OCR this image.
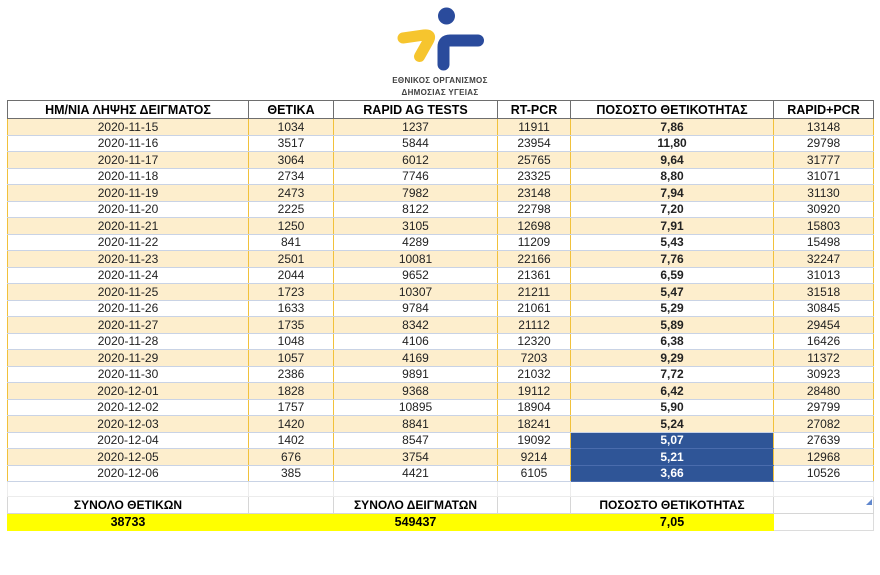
ΕΘΝΙΚΟΣ ΟΡΓΑΝΙΣΜΟΣ
ΔΗΜΟΣΙΑΣ ΥΓΕΙΑΣ
ΗΜ/ΝΙΑ ΛΗΨΗΣ ΔΕΙΓΜΑΤΟΣ	ΘΕΤΙΚΑ	RAPID AG TESTS	RT-PCR	ΠΟΣΟΣΤΟ ΘΕΤΙΚΟΤΗΤΑΣ	RAPID+PCR
2020-11-15	1034	1237	11911	7,86	13148
2020-11-16	3517	5844	23954	11,80	29798
2020-11-17	3064	6012	25765	9,64	31777
2020-11-18	2734	7746	23325	8,80	31071
2020-11-19	2473	7982	23148	7,94	31130
2020-11-20	2225	8122	22798	7,20	30920
2020-11-21	1250	3105	12698	7,91	15803
2020-11-22	841	4289	11209	5,43	15498
2020-11-23	2501	10081	22166	7,76	32247
2020-11-24	2044	9652	21361	6,59	31013
2020-11-25	1723	10307	21211	5,47	31518
2020-11-26	1633	9784	21061	5,29	30845
2020-11-27	1735	8342	21112	5,89	29454
2020-11-28	1048	4106	12320	6,38	16426
2020-11-29	1057	4169	7203	9,29	11372
2020-11-30	2386	9891	21032	7,72	30923
2020-12-01	1828	9368	19112	6,42	28480
2020-12-02	1757	10895	18904	5,90	29799
2020-12-03	1420	8841	18241	5,24	27082
2020-12-04	1402	8547	19092	5,07	27639
2020-12-05	676	3754	9214	5,21	12968
2020-12-06	385	4421	6105	3,66	10526

ΣΥΝΟΛΟ ΘΕΤΙΚΩΝ		ΣΥΝΟΛΟ ΔΕΙΓΜΑΤΩΝ		ΠΟΣΟΣΤΟ ΘΕΤΙΚΟΤΗΤΑΣ	
38733		549437		7,05	
